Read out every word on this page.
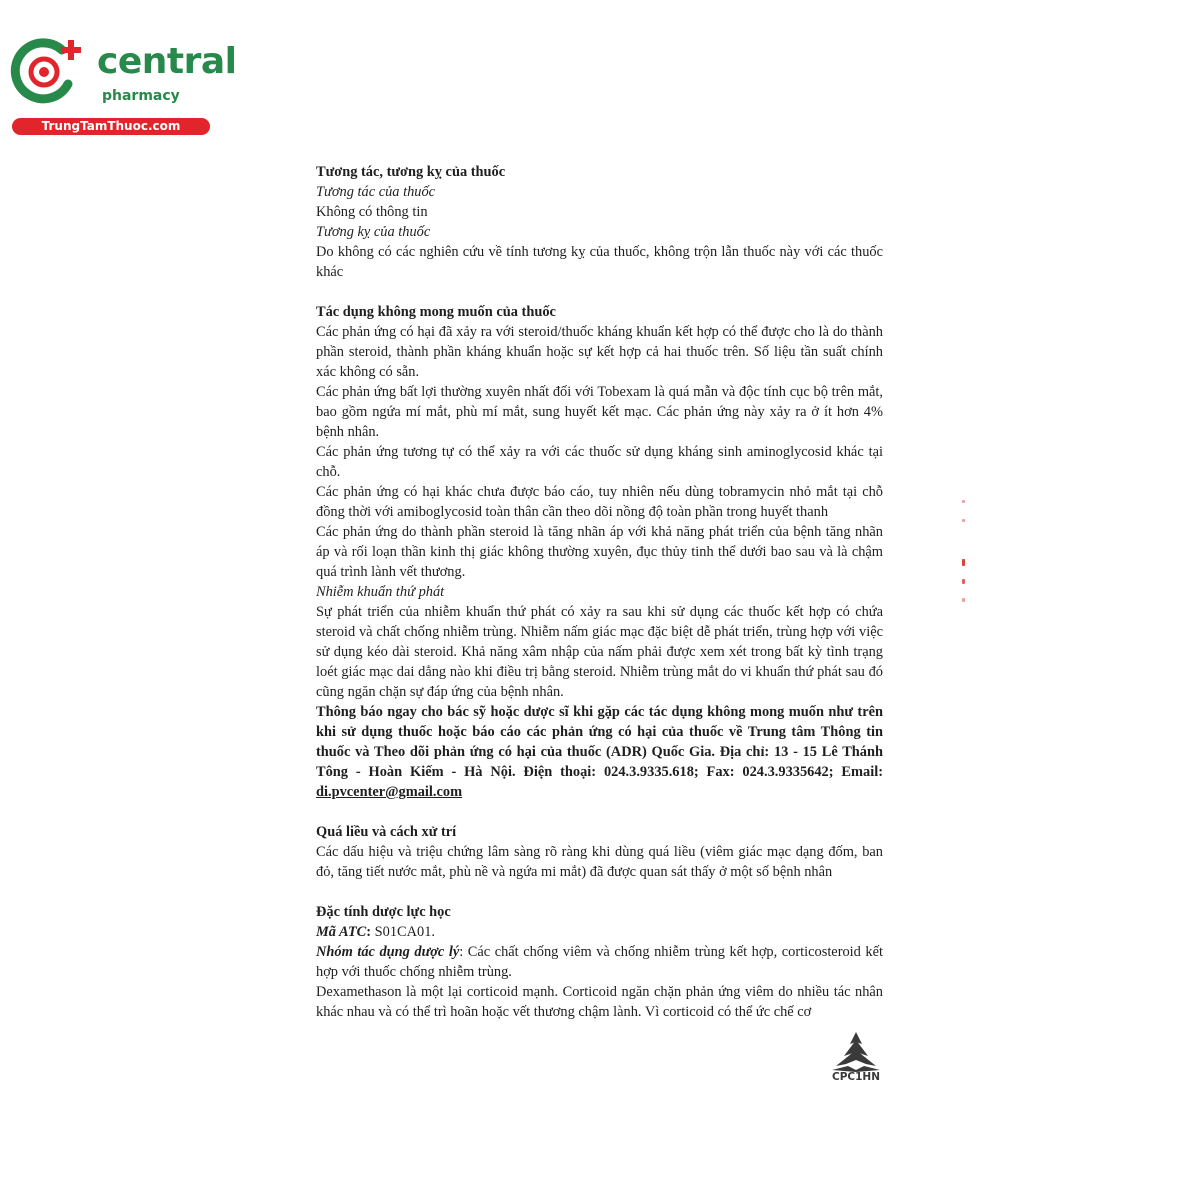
central
pharmacy
TrungTamThuoc.com

Tương tác, tương kỵ của thuốc

Tương tác của thuốc

Không có thông tin

Tương kỵ của thuốc

Do không có các nghiên cứu về tính tương kỵ của thuốc, không trộn lẫn thuốc này với các thuốc khác

Tác dụng không mong muốn của thuốc

Các phản ứng có hại đã xảy ra với steroid/thuốc kháng khuẩn kết hợp có thể được cho là do thành phần steroid, thành phần kháng khuẩn hoặc sự kết hợp cả hai thuốc trên. Số liệu tần suất chính xác không có sẵn.

Các phản ứng bất lợi thường xuyên nhất đối với Tobexam là quá mẫn và độc tính cục bộ trên mắt, bao gồm ngứa mí mắt, phù mí mắt, sung huyết kết mạc. Các phản ứng này xảy ra ở ít hơn 4% bệnh nhân.

Các phản ứng tương tự có thể xảy ra với các thuốc sử dụng kháng sinh aminoglycosid khác tại chỗ.

Các phản ứng có hại khác chưa được báo cáo, tuy nhiên nếu dùng tobramycin nhỏ mắt tại chỗ đồng thời với amiboglycosid toàn thân cần theo dõi nồng độ toàn phần trong huyết thanh

Các phản ứng do thành phần steroid là tăng nhãn áp với khả năng phát triển của bệnh tăng nhãn áp và rối loạn thần kinh thị giác không thường xuyên, đục thủy tinh thể dưới bao sau và là chậm quá trình lành vết thương.

Nhiễm khuẩn thứ phát

Sự phát triển của nhiễm khuẩn thứ phát có xảy ra sau khi sử dụng các thuốc kết hợp có chứa steroid và chất chống nhiễm trùng. Nhiễm nấm giác mạc đặc biệt dễ phát triển, trùng hợp với việc sử dụng kéo dài steroid. Khả năng xâm nhập của nấm phải được xem xét trong bất kỳ tình trạng loét giác mạc dai dẳng nào khi điều trị bằng steroid. Nhiễm trùng mắt do vi khuẩn thứ phát sau đó cũng ngăn chặn sự đáp ứng của bệnh nhân.

Thông báo ngay cho bác sỹ hoặc dược sĩ khi gặp các tác dụng không mong muốn như trên khi sử dụng thuốc hoặc báo cáo các phản ứng có hại của thuốc về Trung tâm Thông tin thuốc và Theo dõi phản ứng có hại của thuốc (ADR) Quốc Gia. Địa chỉ: 13 - 15 Lê Thánh Tông - Hoàn Kiếm - Hà Nội. Điện thoại: 024.3.9335.618; Fax: 024.3.9335642; Email: di.pvcenter@gmail.com

Quá liều và cách xử trí

Các dấu hiệu và triệu chứng lâm sàng rõ ràng khi dùng quá liều (viêm giác mạc dạng đốm, ban đỏ, tăng tiết nước mắt, phù nề và ngứa mi mắt) đã được quan sát thấy ở một số bệnh nhân

Đặc tính dược lực học

Mã ATC: S01CA01.

Nhóm tác dụng dược lý: Các chất chống viêm và chống nhiễm trùng kết hợp, corticosteroid kết hợp với thuốc chống nhiễm trùng.

Dexamethason là một lại corticoid mạnh. Corticoid ngăn chặn phản ứng viêm do nhiều tác nhân khác nhau và có thể trì hoãn hoặc vết thương chậm lành. Vì corticoid có thể ức chế cơ

CPC1HN
